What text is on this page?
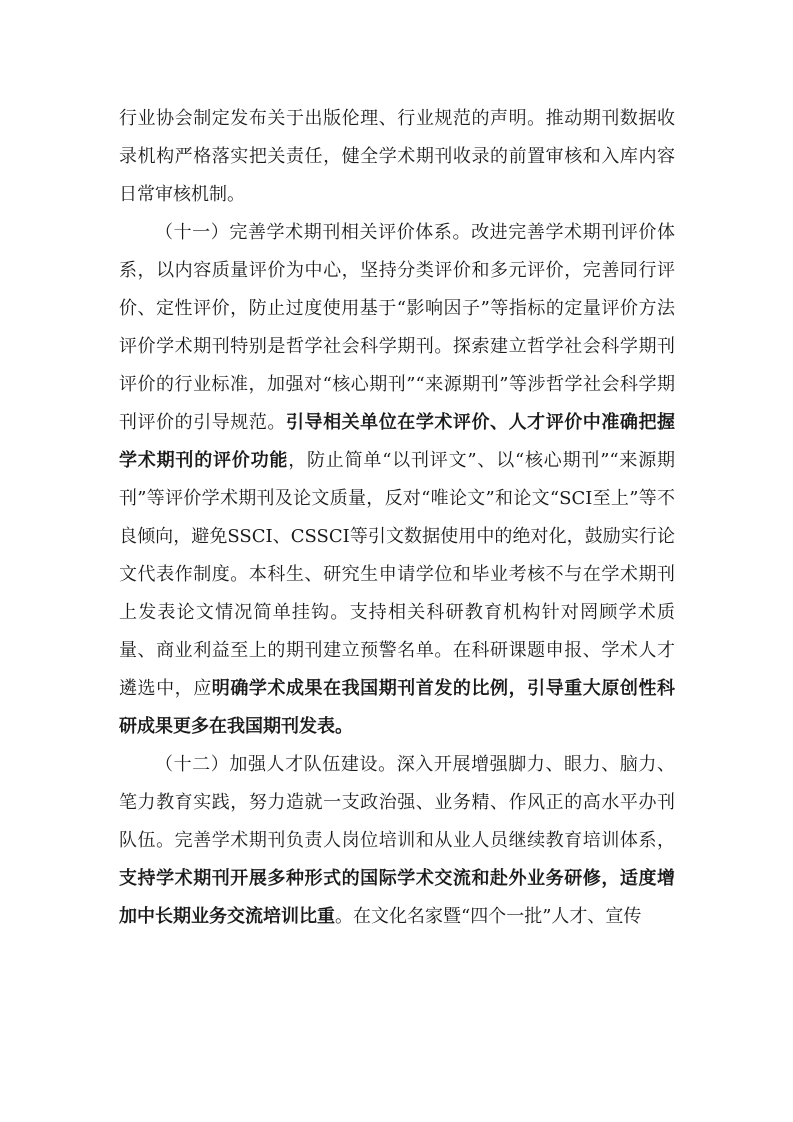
行业协会制定发布关于出版伦理、行业规范的声明。推动期刊数据收录机构严格落实把关责任，健全学术期刊收录的前置审核和入库内容日常审核机制。

（十一）完善学术期刊相关评价体系。改进完善学术期刊评价体系，以内容质量评价为中心，坚持分类评价和多元评价，完善同行评价、定性评价，防止过度使用基于“影响因子”等指标的定量评价方法评价学术期刊特别是哲学社会科学期刊。探索建立哲学社会科学期刊评价的行业标准，加强对“核心期刊”“来源期刊”等涉哲学社会科学期刊评价的引导规范。引导相关单位在学术评价、人才评价中准确把握学术期刊的评价功能，防止简单“以刊评文”、以“核心期刊”“来源期刊”等评价学术期刊及论文质量，反对“唯论文”和论文“SCI至上”等不良倾向，避免SSCI、CSSCI等引文数据使用中的绝对化，鼓励实行论文代表作制度。本科生、研究生申请学位和毕业考核不与在学术期刊上发表论文情况简单挂钩。支持相关科研教育机构针对罔顾学术质量、商业利益至上的期刊建立预警名单。在科研课题申报、学术人才遴选中，应明确学术成果在我国期刊首发的比例，引导重大原创性科研成果更多在我国期刊发表。

（十二）加强人才队伍建设。深入开展增强脚力、眼力、脑力、笔力教育实践，努力造就一支政治强、业务精、作风正的高水平办刊队伍。完善学术期刊负责人岗位培训和从业人员继续教育培训体系，支持学术期刊开展多种形式的国际学术交流和赴外业务研修，适度增加中长期业务交流培训比重。在文化名家暨“四个一批”人才、宣传
